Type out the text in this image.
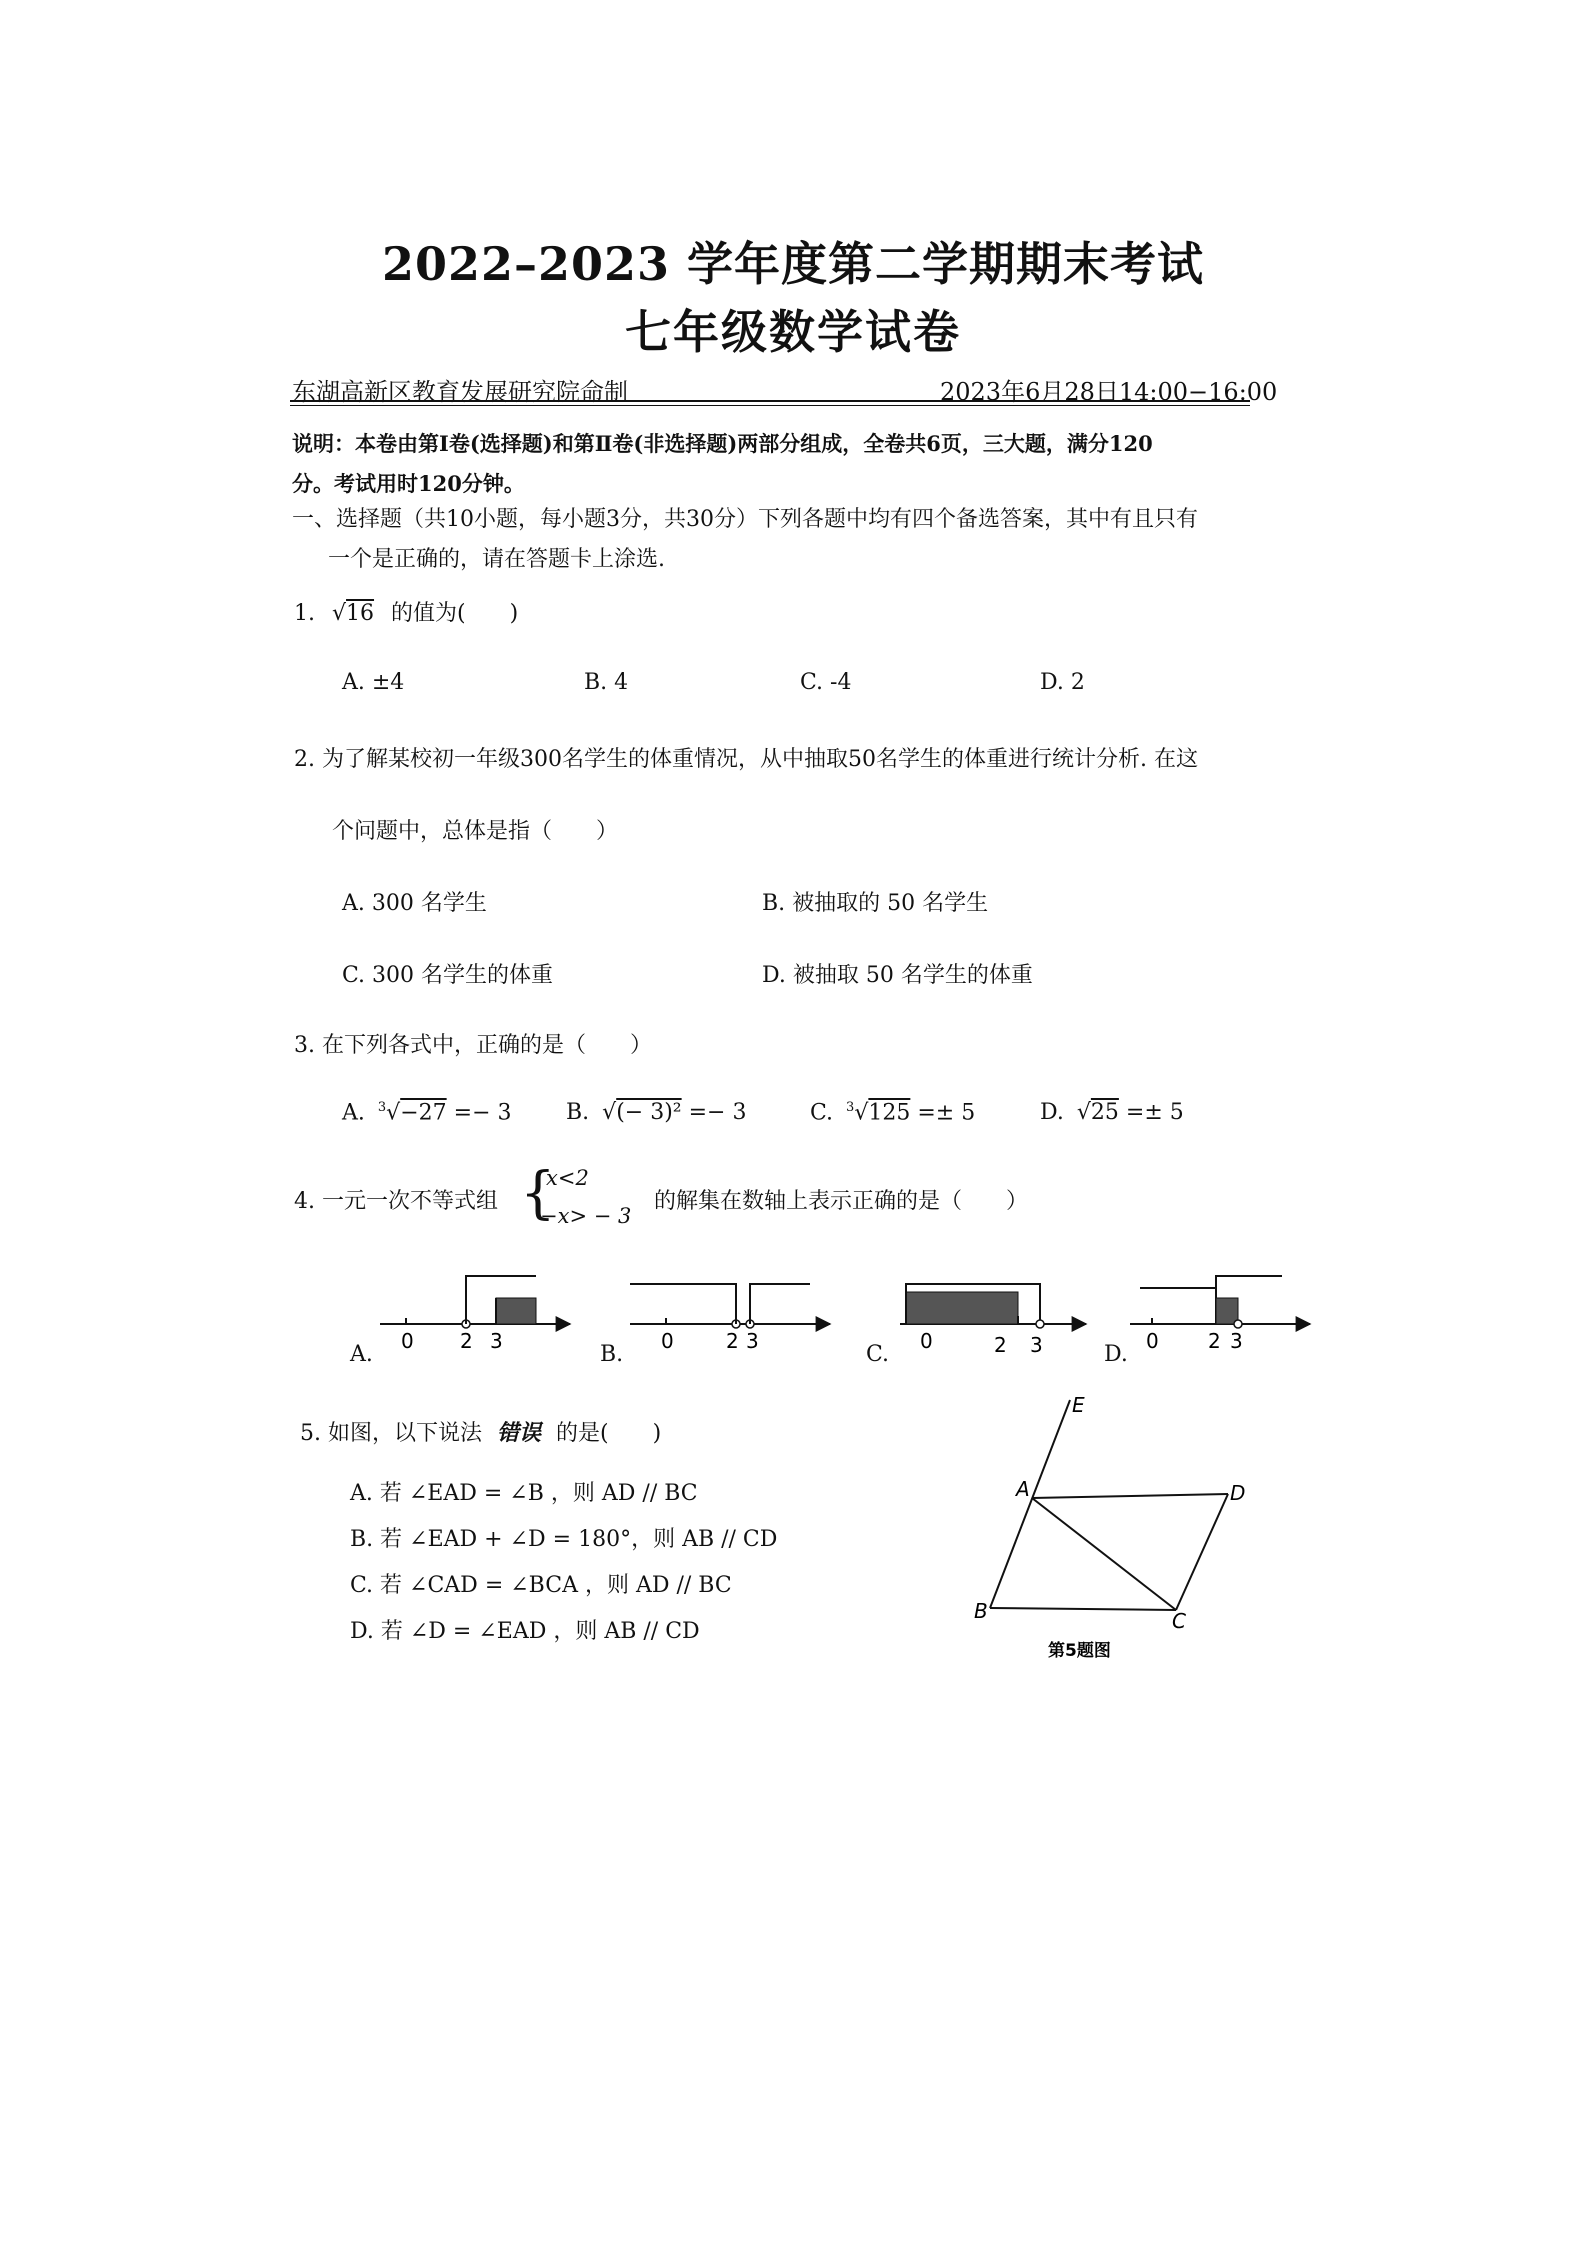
2022–2023 学年度第二学期期末考试
七年级数学试卷
东湖高新区教育发展研究院命制	2023年6月28日14:00−16:00
说明：本卷由第Ⅰ卷(选择题)和第Ⅱ卷(非选择题)两部分组成，全卷共6页，三大题，满分120
分。考试用时120分钟。
一、选择题（共10小题，每小题3分，共30分）下列各题中均有四个备选答案，其中有且只有
一个是正确的，请在答题卡上涂选.
1. √16 的值为(　　)
A. ±4	B. 4	C. -4	D. 2
2. 为了解某校初一年级300名学生的体重情况，从中抽取50名学生的体重进行统计分析. 在这
个问题中，总体是指（　　）
A. 300 名学生	B. 被抽取的 50 名学生
C. 300 名学生的体重	D. 被抽取 50 名学生的体重
3. 在下列各式中，正确的是（　　）
A. $^3$√−27 =− 3 B. √(− 3)² =− 3	C. $^3$√125 =± 5	D. √25 =± 5
4. 一元一次不等式组 {
x<2
−x> − 3
的解集在数轴上表示正确的是（　　）
0 2 3	0	2 3	0	2 3	0 2 3
A.	B.	C.	D.
5. 如图，以下说法 错误 的是(　　)
A. 若 ∠EAD = ∠B ，则 AD // BC
B. 若 ∠EAD + ∠D = 180°，则 AB // CD
C. 若 ∠CAD = ∠BCA ，则 AD // BC
D. 若 ∠D = ∠EAD ，则 AB // CD
E
A	D
B	C
第5题图
